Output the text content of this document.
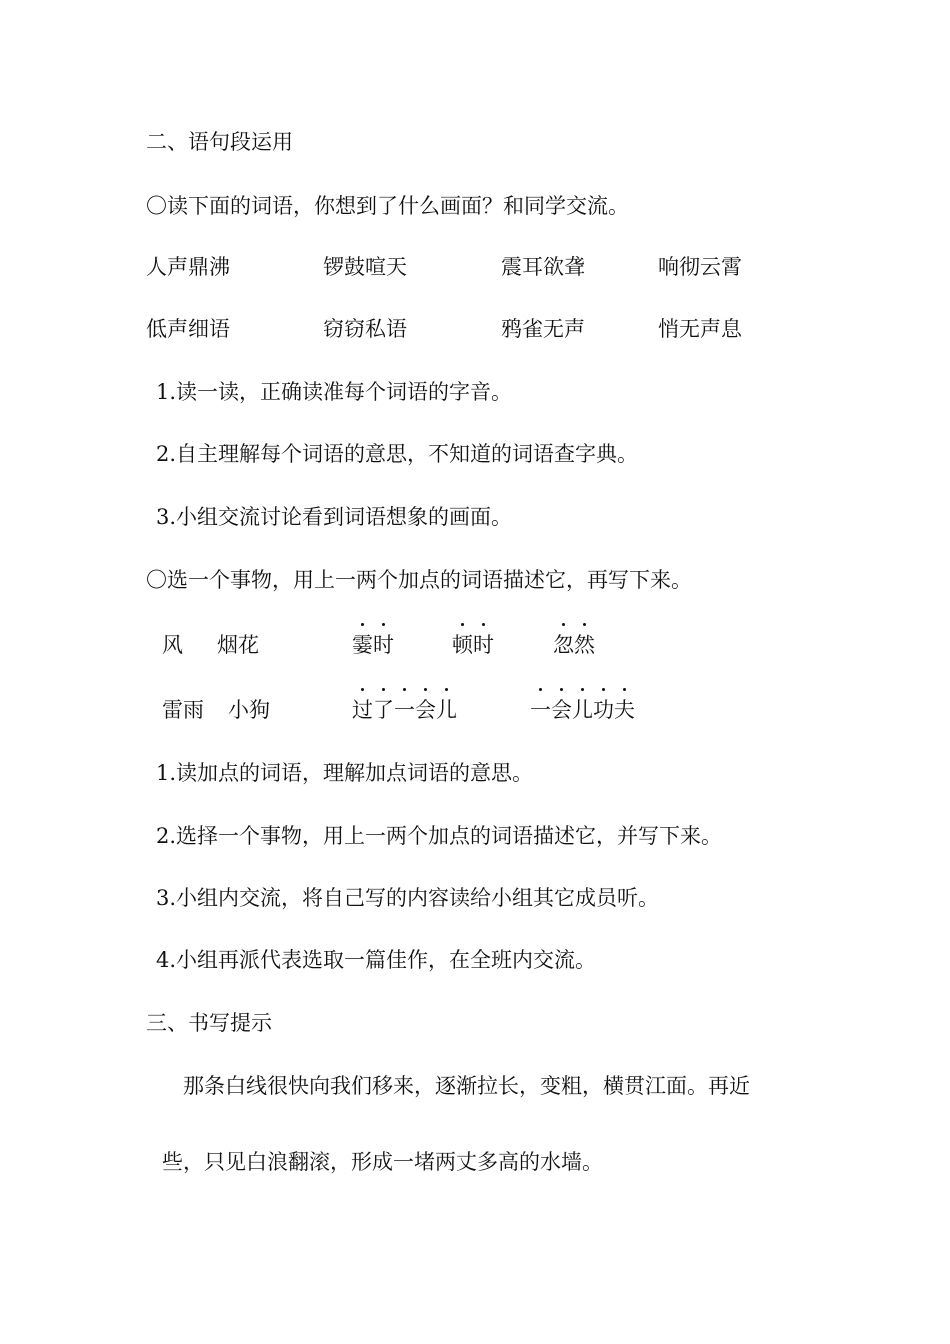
二、语句段运用
〇读下面的词语，你想到了什么画面？和同学交流。
人声鼎沸	锣鼓喧天	震耳欲聋	响彻云霄
低声细语	窃窃私语	鸦雀无声	悄无声息
1.读一读，正确读准每个词语的字音。
2.自主理解每个词语的意思，不知道的词语查字典。
3.小组交流讨论看到词语想象的画面。
〇选一个事物，用上一两个加点的词语描述它，再写下来。
风 烟花	霎时	顿时	忽然
雷雨 小狗	过了一会儿	一会儿功夫
1.读加点的词语，理解加点词语的意思。
2.选择一个事物，用上一两个加点的词语描述它，并写下来。
3.小组内交流，将自己写的内容读给小组其它成员听。
4.小组再派代表选取一篇佳作，在全班内交流。
三、书写提示
那条白线很快向我们移来，逐渐拉长，变粗，横贯江面。再近
些，只见白浪翻滚，形成一堵两丈多高的水墙。
